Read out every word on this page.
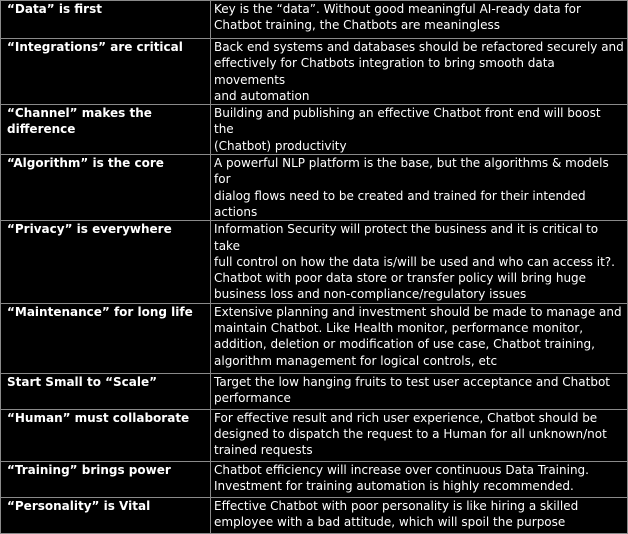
“Data” is first	Key is the “data”. Without good meaningful AI-ready data for
Chatbot training, the Chatbots are meaningless
“Integrations” are critical	Back end systems and databases should be refactored securely and
effectively for Chatbots integration to bring smooth data movements
and automation
“Channel” makes the
difference	Building and publishing an effective Chatbot front end will boost the
(Chatbot) productivity
“Algorithm” is the core	A powerful NLP platform is the base, but the algorithms & models for
dialog flows need to be created and trained for their intended
actions
“Privacy” is everywhere	Information Security will protect the business and it is critical to take
full control on how the data is/will be used and who can access it?.
Chatbot with poor data store or transfer policy will bring huge
business loss and non-compliance/regulatory issues
“Maintenance” for long life	Extensive planning and investment should be made to manage and
maintain Chatbot. Like Health monitor, performance monitor,
addition, deletion or modification of use case, Chatbot training,
algorithm management for logical controls, etc
Start Small to “Scale”	Target the low hanging fruits to test user acceptance and Chatbot
performance
“Human” must collaborate	For effective result and rich user experience, Chatbot should be
designed to dispatch the request to a Human for all unknown/not
trained requests
“Training” brings power	Chatbot efficiency will increase over continuous Data Training.
Investment for training automation is highly recommended.
“Personality” is Vital	Effective Chatbot with poor personality is like hiring a skilled
employee with a bad attitude, which will spoil the purpose
